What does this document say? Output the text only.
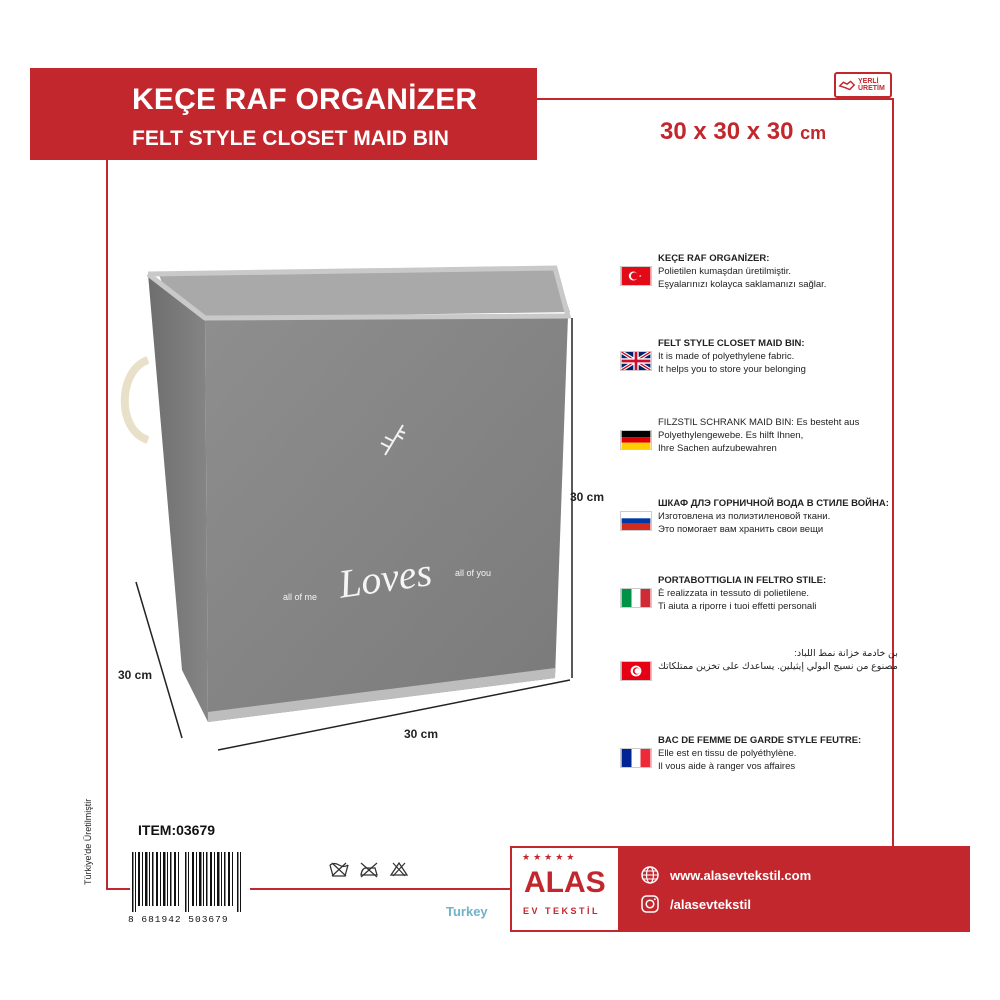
KEÇE RAF ORGANİZER
FELT STYLE CLOSET MAID BIN	30 x 30 x 30 cm
YERLİ
ÜRETİM
all of me Loves all of you
30 cm
30 cm
30 cm
KEÇE RAF ORGANİZER:
Polietilen kumaşdan üretilmiştir.
Eşyalarınızı kolayca saklamanızı sağlar.
FELT STYLE CLOSET MAID BIN:
It is made of polyethylene fabric.
It helps you to store your belonging
FILZSTIL SCHRANK MAID BIN: Es besteht aus
Polyethylengewebe. Es hilft Ihnen,
Ihre Sachen aufzubewahren
ШКАФ ДЛЭ ГОРНИЧНОЙ ВОДА В СТИЛЕ ВОЙНА:
Изготовлена из полиэтиленовой ткани.
Это помогает вам хранить свои вещи
PORTABOTTIGLIA IN FELTRO STILE:
È realizzata in tessuto di polietilene.
Ti aiuta a riporre i tuoi effetti personali
بن خادمة خزانة نمط اللباد:
مصنوع من نسيج البولي إيثيلين. يساعدك على تخزين ممتلكاتك
BAC DE FEMME DE GARDE STYLE FEUTRE:
Elle est en tissu de polyéthylène.
Il vous aide à ranger vos affaires
Türkiye'de Üretilmiştir	ITEM:03679
8 681942 503679
Turkey
★★★★★
ALAS
EV TEKSTİL
www.alasevtekstil.com
/alasevtekstil
